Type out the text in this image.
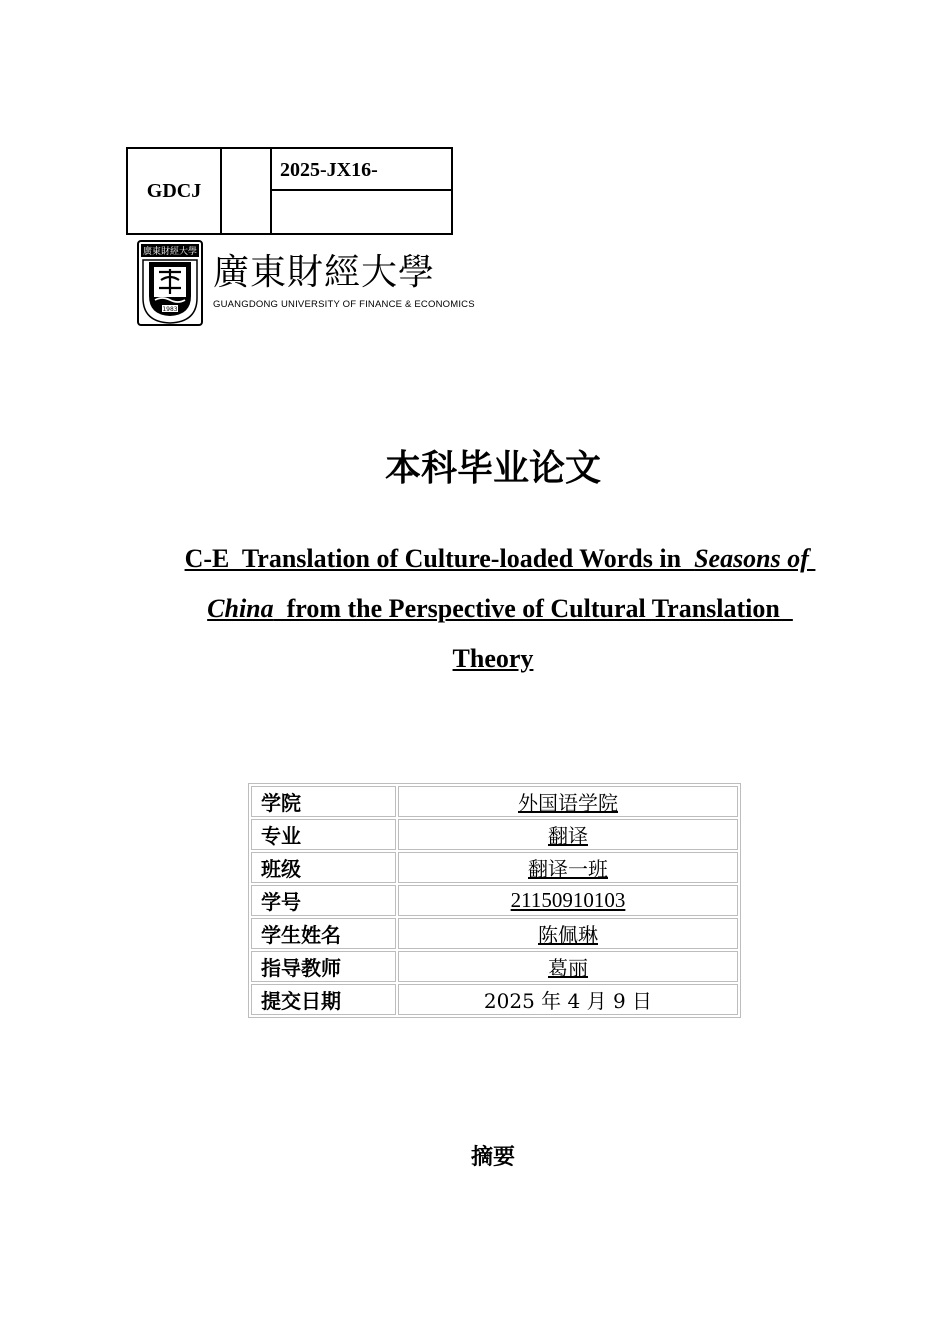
GDCJ		2025-JX16-

廣東財經大學
1983
廣東財經大學
GUANGDONG UNIVERSITY OF FINANCE & ECONOMICS
本科毕业论文
C-E  Translation of Culture-loaded Words in  Seasons of
China  from the Perspective of Cultural Translation
Theory
学院	外国语学院
专业	翻译
班级	翻译一班
学号	21150910103
学生姓名	陈佩琳
指导教师	葛丽
提交日期	2025 年 4 月 9 日
摘要
